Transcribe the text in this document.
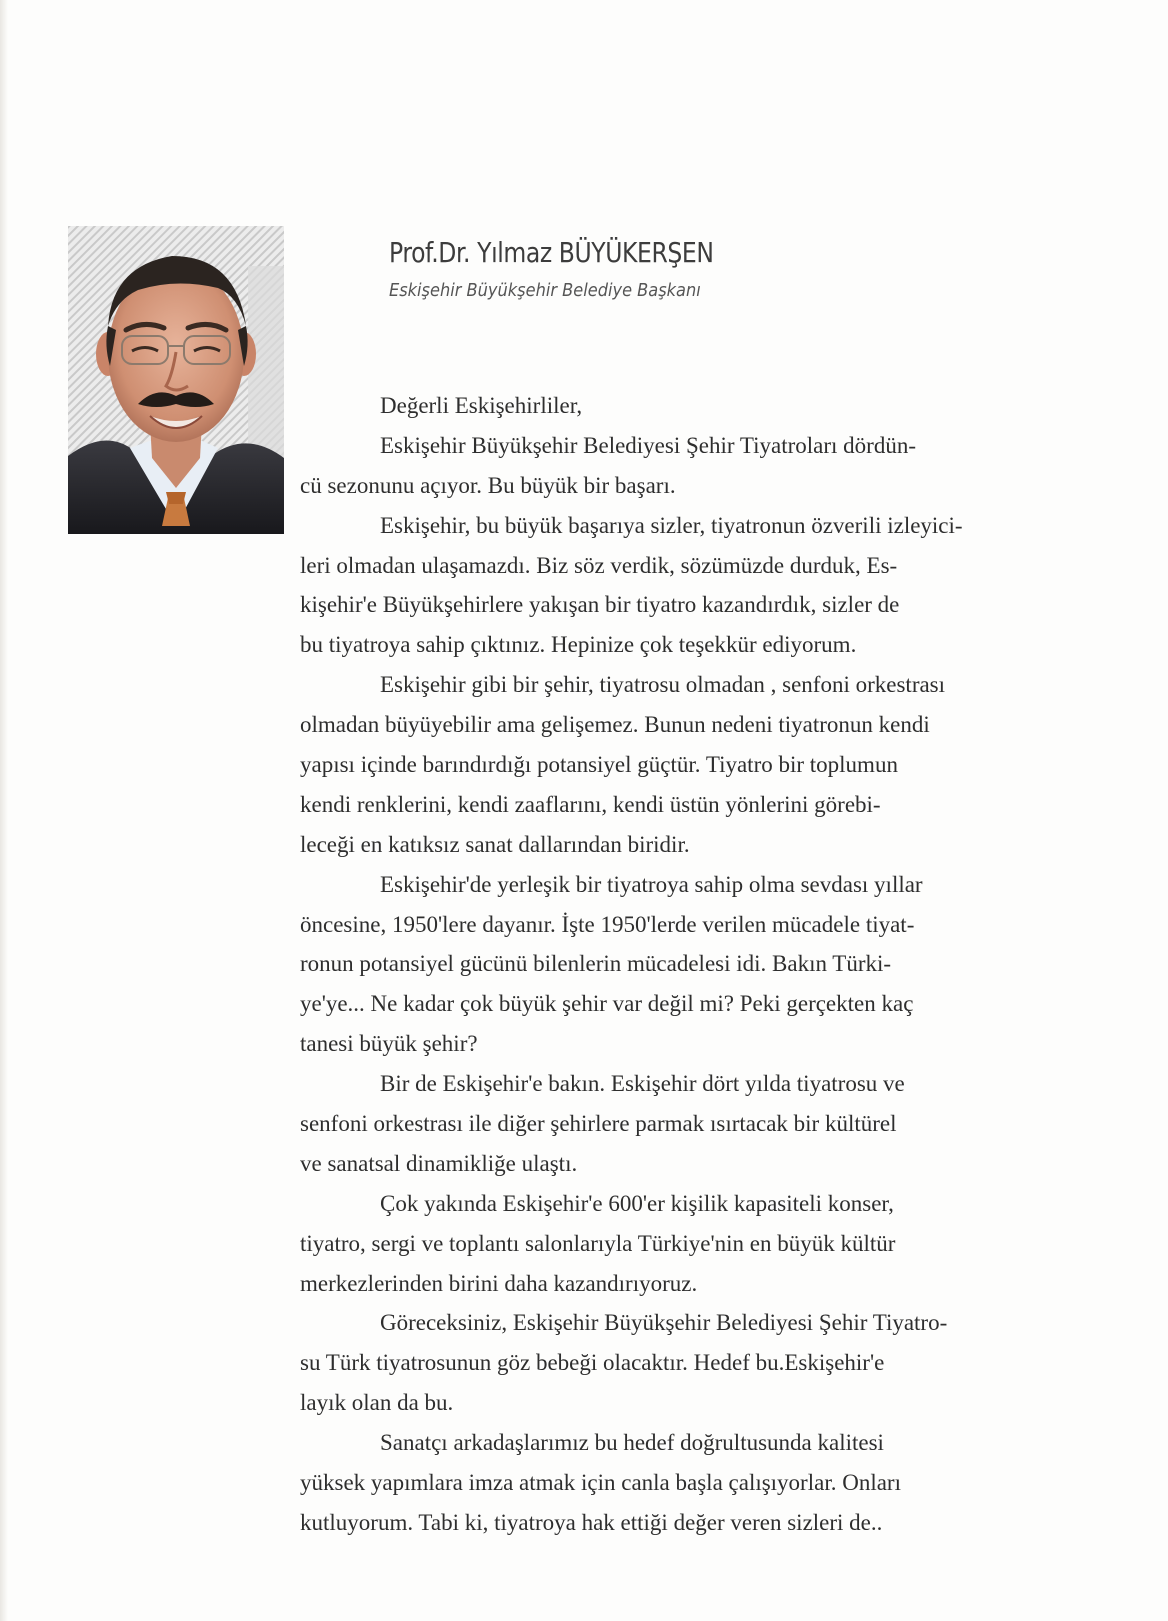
Prof.Dr. Yılmaz BÜYÜKERŞEN
Eskişehir Büyükşehir Belediye Başkanı
Değerli Eskişehirliler,
Eskişehir Büyükşehir Belediyesi Şehir Tiyatroları dördün-
cü sezonunu açıyor. Bu büyük bir başarı.
Eskişehir, bu büyük başarıya sizler, tiyatronun özverili izleyici-
leri olmadan ulaşamazdı. Biz söz verdik, sözümüzde durduk, Es-
kişehir'e Büyükşehirlere yakışan bir tiyatro kazandırdık, sizler de
bu tiyatroya sahip çıktınız. Hepinize çok teşekkür ediyorum.
Eskişehir gibi bir şehir, tiyatrosu olmadan , senfoni orkestrası
olmadan büyüyebilir ama gelişemez. Bunun nedeni tiyatronun kendi
yapısı içinde barındırdığı potansiyel güçtür. Tiyatro bir toplumun
kendi renklerini, kendi zaaflarını, kendi üstün yönlerini görebi-
leceği en katıksız sanat dallarından biridir.
Eskişehir'de yerleşik bir tiyatroya sahip olma sevdası yıllar
öncesine, 1950'lere dayanır. İşte 1950'lerde verilen mücadele tiyat-
ronun potansiyel gücünü bilenlerin mücadelesi idi. Bakın Türki-
ye'ye... Ne kadar çok büyük şehir var değil mi? Peki gerçekten kaç
tanesi büyük şehir?
Bir de Eskişehir'e bakın. Eskişehir dört yılda tiyatrosu ve
senfoni orkestrası ile diğer şehirlere parmak ısırtacak bir kültürel
ve sanatsal dinamikliğe ulaştı.
Çok yakında Eskişehir'e 600'er kişilik kapasiteli konser,
tiyatro, sergi ve toplantı salonlarıyla Türkiye'nin en büyük kültür
merkezlerinden birini daha kazandırıyoruz.
Göreceksiniz, Eskişehir Büyükşehir Belediyesi Şehir Tiyatro-
su Türk tiyatrosunun göz bebeği olacaktır. Hedef bu.Eskişehir'e
layık olan da bu.
Sanatçı arkadaşlarımız bu hedef doğrultusunda kalitesi
yüksek yapımlara imza atmak için canla başla çalışıyorlar. Onları
kutluyorum. Tabi ki, tiyatroya hak ettiği değer veren sizleri de..
